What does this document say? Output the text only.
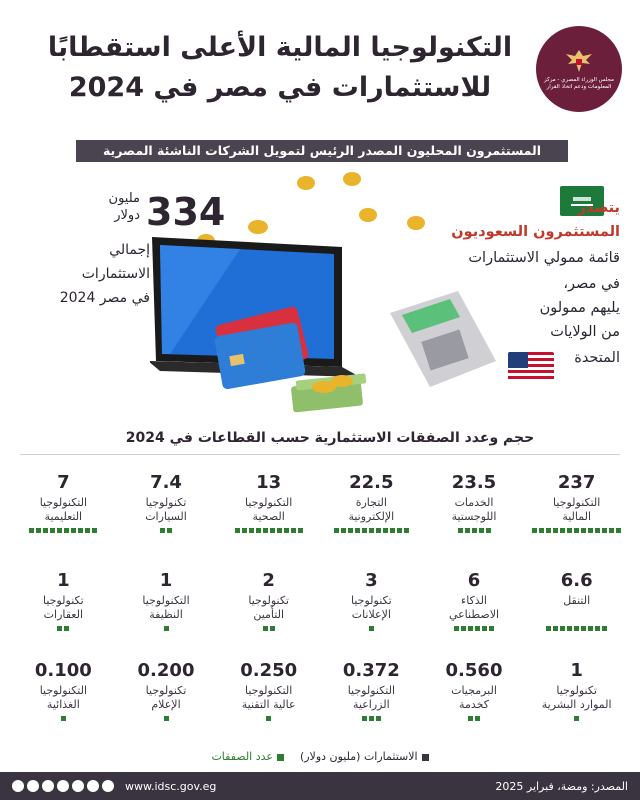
مجلس الوزراء المصري - مركز المعلومات ودعم اتخاذ القرار
التكنولوجيا المالية الأعلى استقطابًا
للاستثمارات في مصر في 2024
المستثمرون المحليون المصدر الرئيس لتمويل الشركات الناشئة المصرية
334
مليون
دولار
إجمالي
الاستثمارات
في مصر 2024
يتصدر
المستثمرون السعوديون
قائمة ممولي الاستثمارات
في مصر،
يليهم ممولون
من الولايات
المتحدة
حجم وعدد الصفقات الاستثمارية حسب القطاعات في 2024
237
التكنولوجيا
المالية
23.5
الخدمات
اللوجستية
22.5
التجارة
الإلكترونية
13
التكنولوجيا
الصحية
7.4
تكنولوجيا
السيارات
7
التكنولوجيا
التعليمية
6.6
التنقل
6
الذكاء
الاصطناعي
3
تكنولوجيا
الإعلانات
2
تكنولوجيا
التأمين
1
التكنولوجيا
النظيفة
1
تكنولوجيا
العقارات
1
تكنولوجيا
الموارد البشرية
0.560
البرمجيات
كخدمة
0.372
التكنولوجيا
الزراعية
0.250
التكنولوجيا
عالية التقنية
0.200
تكنولوجيا
الإعلام
0.100
التكنولوجيا
الغذائية
الاستثمارات (مليون دولار)
عدد الصفقات
www.idsc.gov.eg	المصدر: ومضة، فبراير 2025
